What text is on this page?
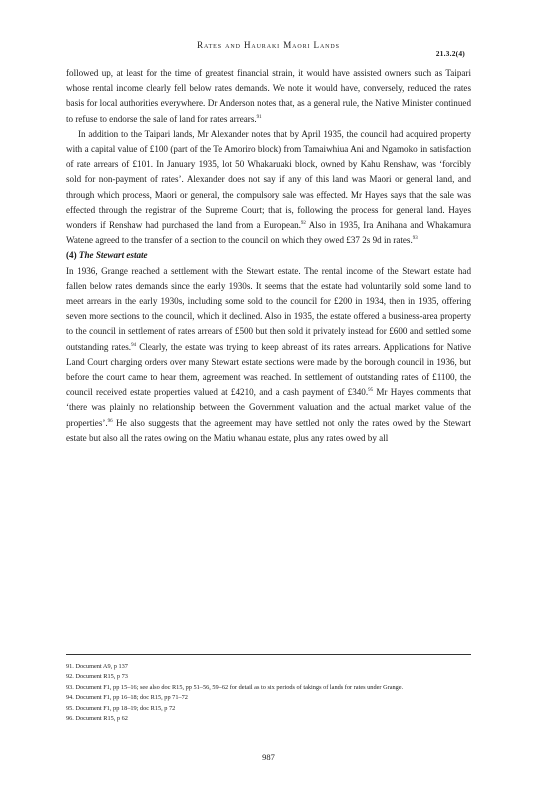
Rates and Hauraki Maori Lands
21.3.2(4)

followed up, at least for the time of greatest financial strain, it would have assisted owners such as Taipari whose rental income clearly fell below rates demands. We note it would have, conversely, reduced the rates basis for local authorities everywhere. Dr Anderson notes that, as a general rule, the Native Minister continued to refuse to endorse the sale of land for rates arrears.$^{91}$

In addition to the Taipari lands, Mr Alexander notes that by April 1935, the council had acquired property with a capital value of £100 (part of the Te Amoriro block) from Tamaiwhiua Ani and Ngamoko in satisfaction of rate arrears of £101. In January 1935, lot 50 Whakaruaki block, owned by Kahu Renshaw, was ‘forcibly sold for non-payment of rates’. Alexander does not say if any of this land was Maori or general land, and through which process, Maori or general, the compulsory sale was effected. Mr Hayes says that the sale was effected through the registrar of the Supreme Court; that is, following the process for general land. Hayes wonders if Renshaw had purchased the land from a European.$^{92}$ Also in 1935, Ira Anihana and Whakamura Watene agreed to the transfer of a section to the council on which they owed £37 2s 9d in rates.$^{93}$

(4) The Stewart estate

In 1936, Grange reached a settlement with the Stewart estate. The rental income of the Stewart estate had fallen below rates demands since the early 1930s. It seems that the estate had voluntarily sold some land to meet arrears in the early 1930s, including some sold to the council for £200 in 1934, then in 1935, offering seven more sections to the council, which it declined. Also in 1935, the estate offered a business-area property to the council in settlement of rates arrears of £500 but then sold it privately instead for £600 and settled some outstanding rates.$^{94}$ Clearly, the estate was trying to keep abreast of its rates arrears. Applications for Native Land Court charging orders over many Stewart estate sections were made by the borough council in 1936, but before the court came to hear them, agreement was reached. In settlement of outstanding rates of £1100, the council received estate properties valued at £4210, and a cash payment of £340.95 Mr Hayes comments that ‘there was plainly no relationship between the Government valuation and the actual market value of the properties’.$^{96}$ He also suggests that the agreement may have settled not only the rates owed by the Stewart estate but also all the rates owing on the Matiu whanau estate, plus any rates owed by all

91. Document A9, p 137

92. Document R15, p 73

93. Document F1, pp 15–16; see also doc R15, pp 51–56, 59–62 for detail as to six periods of takings of lands for rates under Grange.

94. Document F1, pp 16–18; doc R15, pp 71–72

95. Document F1, pp 18–19; doc R15, p 72

96. Document R15, p 62

987
